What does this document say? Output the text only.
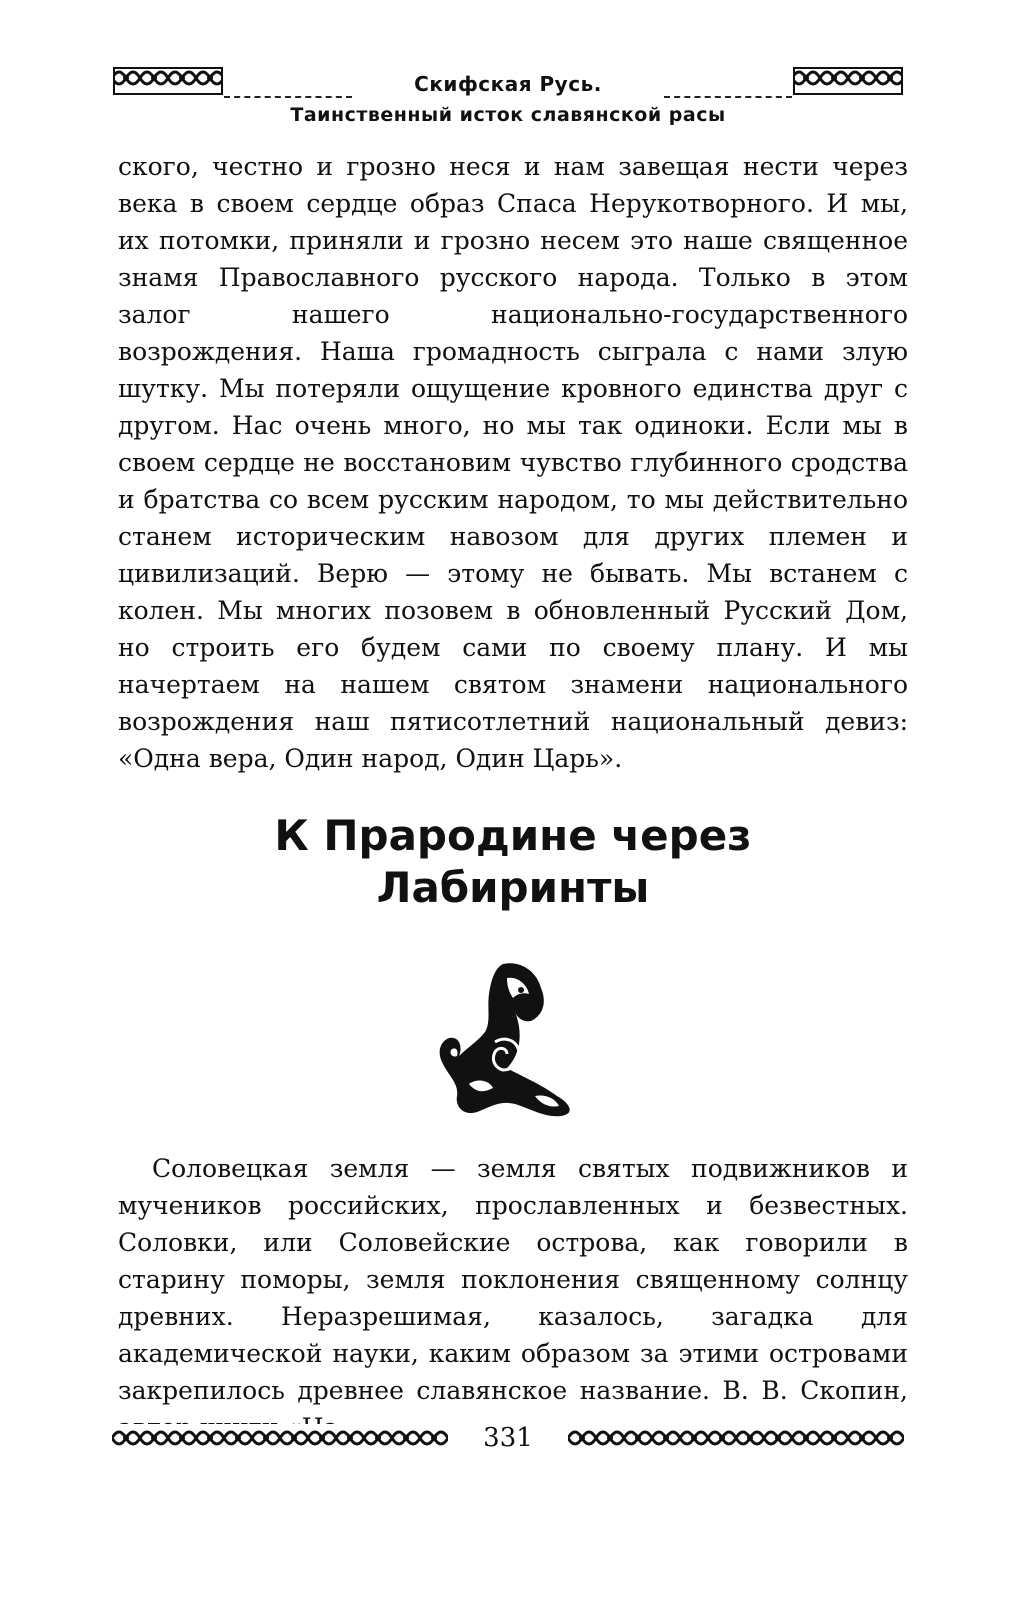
Скифская Русь.
Таинственный исток славянской расы

ского, честно и грозно неся и нам завещая нести через века в своем сердце образ Спаса Нерукотворного. И мы, их потомки, приняли и грозно несем это наше священное знамя Православного русского народа. Только в этом залог нашего национально-государственного возрождения. Наша громадность сыграла с нами злую шутку. Мы потеряли ощущение кровного единства друг с другом. Нас очень много, но мы так одиноки. Если мы в своем сердце не восстановим чувство глубинного сродства и братства со всем русским народом, то мы действительно станем историческим навозом для других племен и цивилизаций. Верю — этому не бывать. Мы встанем с колен. Мы многих позовем в обновленный Русский Дом, но строить его будем сами по своему плану. И мы начертаем на нашем святом знамени национального возрождения наш пятисотлетний национальный девиз: «Одна вера, Один народ, Один Царь».

К Прародине через
Лабиринты

Соловецкая земля — земля святых подвижников и мучеников российских, прославленных и безвестных. Соловки, или Соловейские острова, как говорили в старину поморы, земля поклонения священному солнцу древних. Неразрешимая, казалось, загадка для академической науки, каким образом за этими островами закрепилось древнее славянское название. В. В. Скопин,

331
